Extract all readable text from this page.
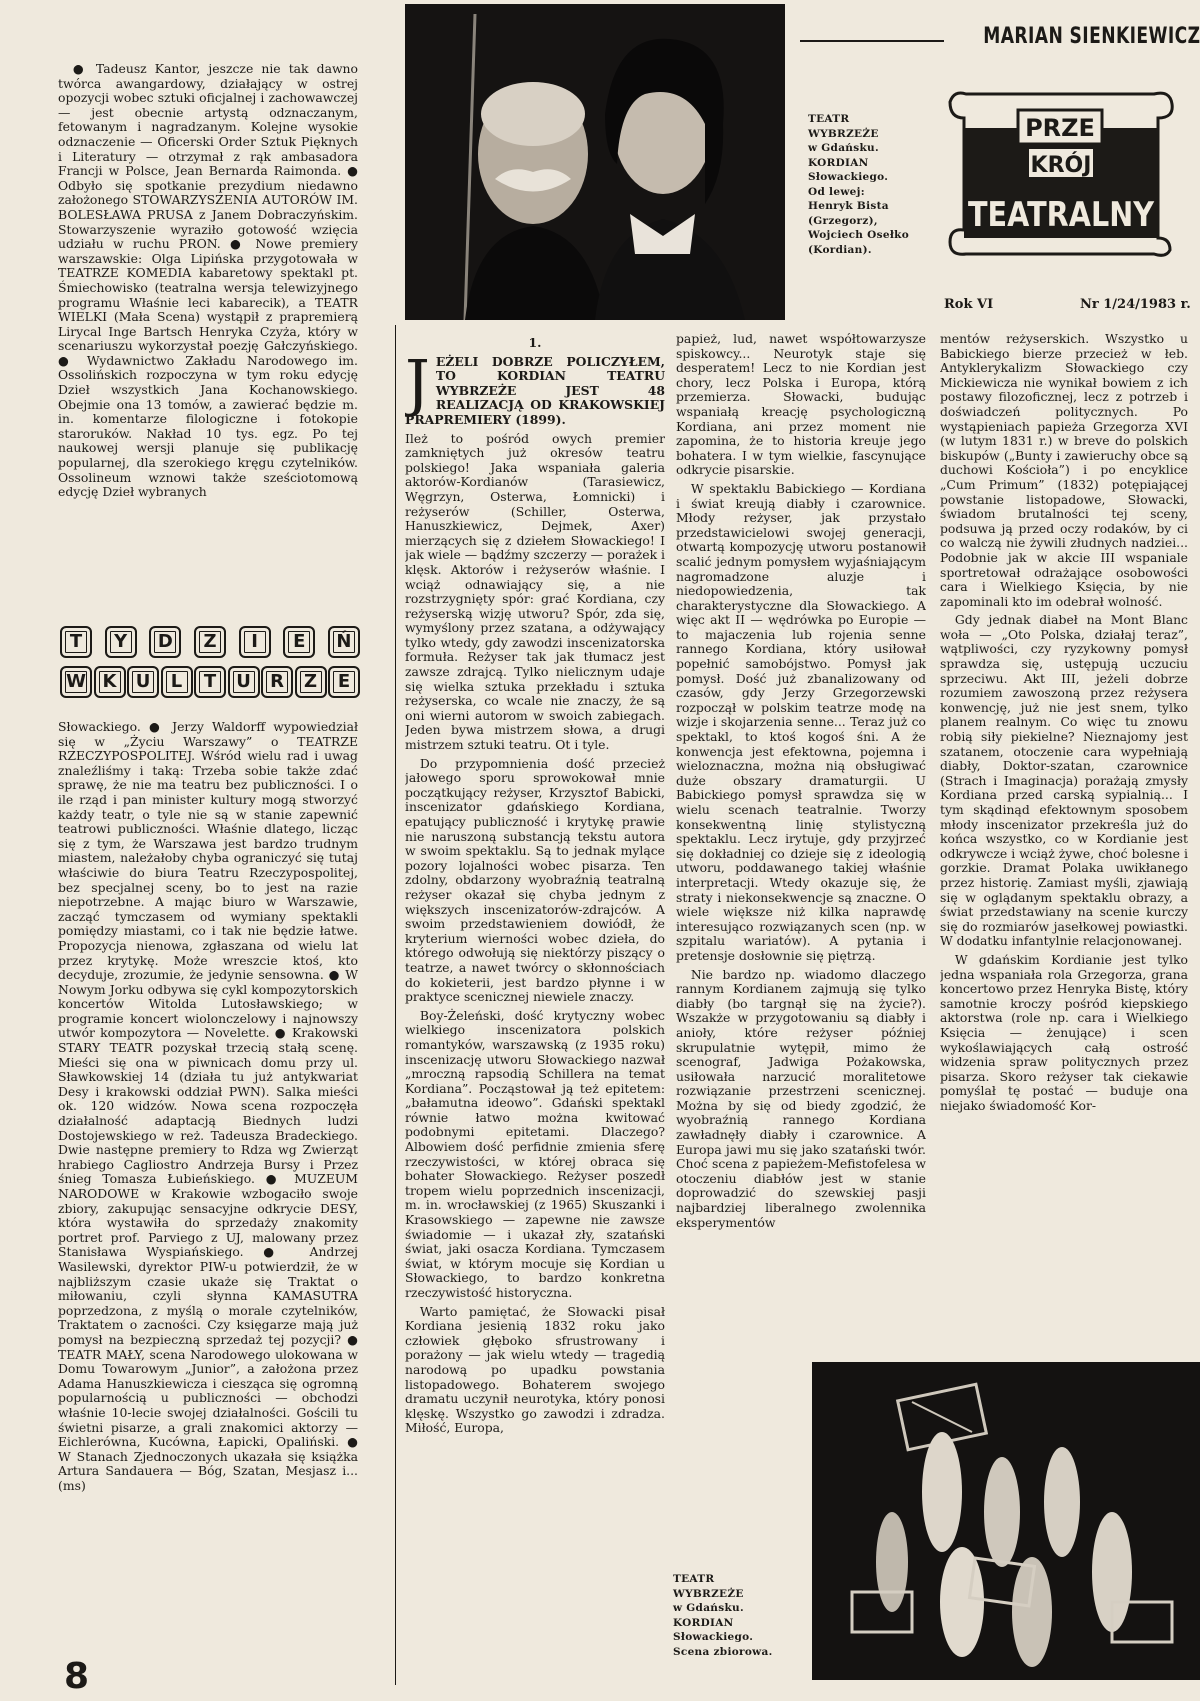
TEATR
WYBRZEŻE
w Gdańsku.
KORDIAN
Słowackiego.
Od lewej:
Henryk Bista
(Grzegorz),
Wojciech Osełko
(Kordian).
MARIAN SIENKIEWICZ
PRZE
KRÓJ
TEATRALNY
Rok VI	Nr 1/24/1983 r.

● Tadeusz Kantor, jeszcze nie tak dawno twórca awangardowy, działający w ostrej opozycji wobec sztuki oficjalnej i zachowawczej — jest obecnie artystą odznaczanym, fetowanym i nagradzanym. Kolejne wysokie odznaczenie — Oficerski Order Sztuk Pięknych i Literatury — otrzymał z rąk ambasadora Francji w Polsce, Jean Bernarda Raimonda. ● Odbyło się spotkanie prezydium niedawno założonego STOWARZYSZENIA AUTORÓW IM. BOLESŁAWA PRUSA z Janem Dobraczyńskim. Stowarzyszenie wyraziło gotowość wzięcia udziału w ruchu PRON. ● Nowe premiery warszawskie: Olga Lipińska przygotowała w TEATRZE KOMEDIA kabaretowy spektakl pt. Śmiechowisko (teatralna wersja telewizyjnego programu Właśnie leci kabarecik), a TEATR WIELKI (Mała Scena) wystąpił z prapremierą Lirycal Inge Bartsch Henryka Czyża, który w scenariuszu wykorzystał poezję Gałczyńskiego. ● Wydawnictwo Zakładu Narodowego im. Ossolińskich rozpoczyna w tym roku edycję Dzieł wszystkich Jana Kochanowskiego. Obejmie ona 13 tomów, a zawierać będzie m. in. komentarze filologiczne i fotokopie staroruków. Nakład 10 tys. egz. Po tej naukowej wersji planuje się publikację popularnej, dla szerokiego kręgu czytelników. Ossolineum wznowi także sześciotomową edycję Dzieł wybranych

T	Y	D	Z	I	E	Ń
W K	U	L	T	U	R	Z	E

Słowackiego. ● Jerzy Waldorff wypowiedział się w „Życiu Warszawy” o TEATRZE RZECZYPOSPOLITEJ. Wśród wielu rad i uwag znaleźliśmy i taką: Trzeba sobie także zdać sprawę, że nie ma teatru bez publiczności. I o ile rząd i pan minister kultury mogą stworzyć każdy teatr, o tyle nie są w stanie zapewnić teatrowi publiczności. Właśnie dlatego, licząc się z tym, że Warszawa jest bardzo trudnym miastem, należałoby chyba ograniczyć się tutaj właściwie do biura Teatru Rzeczypospolitej, bez specjalnej sceny, bo to jest na razie niepotrzebne. A mając biuro w Warszawie, zacząć tymczasem od wymiany spektakli pomiędzy miastami, co i tak nie będzie łatwe. Propozycja nienowa, zgłaszana od wielu lat przez krytykę. Może wreszcie ktoś, kto decyduje, zrozumie, że jedynie sensowna. ● W Nowym Jorku odbywa się cykl kompozytorskich koncertów Witolda Lutosławskiego; w programie koncert wiolonczelowy i najnowszy utwór kompozytora — Novelette. ● Krakowski STARY TEATR pozyskał trzecią stałą scenę. Mieści się ona w piwnicach domu przy ul. Sławkowskiej 14 (działa tu już antykwariat Desy i krakowski oddział PWN). Salka mieści ok. 120 widzów. Nowa scena rozpoczęła działalność adaptacją Biednych ludzi Dostojewskiego w reż. Tadeusza Bradeckiego. Dwie następne premiery to Rdza wg Zwierząt hrabiego Cagliostro Andrzeja Bursy i Przez śnieg Tomasza Łubieńskiego. ● MUZEUM NARODOWE w Krakowie wzbogaciło swoje zbiory, zakupując sensacyjne odkrycie DESY, która wystawiła do sprzedaży znakomity portret prof. Parviego z UJ, malowany przez Stanisława Wyspiańskiego. ● Andrzej Wasilewski, dyrektor PIW-u potwierdził, że w najbliższym czasie ukaże się Traktat o miłowaniu, czyli słynna KAMASUTRA poprzedzona, z myślą o morale czytelników, Traktatem o zacności. Czy księgarze mają już pomysł na bezpieczną sprzedaż tej pozycji? ● TEATR MAŁY, scena Narodowego ulokowana w Domu Towarowym „Junior”, a założona przez Adama Hanuszkiewicza i ciesząca się ogromną popularnością u publiczności — obchodzi właśnie 10-lecie swojej działalności. Gościli tu świetni pisarze, a grali znakomici aktorzy — Eichlerówna, Kucówna, Łapicki, Opaliński. ● W Stanach Zjednoczonych ukazała się książka Artura Sandauera — Bóg, Szatan, Mesjasz i... (ms)

1.

JEŻELI DOBRZE POLICZYŁEM, TO KORDIAN TEATRU WYBRZEŻE JEST 48 REALIZACJĄ OD KRAKOWSKIEJ PRAPREMIERY (1899).

Ileż to pośród owych premier zamkniętych już okresów teatru polskiego! Jaka wspaniała galeria aktorów-Kordianów (Tarasiewicz, Węgrzyn, Osterwa, Łomnicki) i reżyserów (Schiller, Osterwa, Hanuszkiewicz, Dejmek, Axer) mierzących się z dziełem Słowackiego! I jak wiele — bądźmy szczerzy — porażek i klęsk. Aktorów i reżyserów właśnie. I wciąż odnawiający się, a nie rozstrzygnięty spór: grać Kordiana, czy reżyserską wizję utworu? Spór, zda się, wymyślony przez szatana, a odżywający tylko wtedy, gdy zawodzi inscenizatorska formuła. Reżyser tak jak tłumacz jest zawsze zdrajcą. Tylko nielicznym udaje się wielka sztuka przekładu i sztuka reżyserska, co wcale nie znaczy, że są oni wierni autorom w swoich zabiegach. Jeden bywa mistrzem słowa, a drugi mistrzem sztuki teatru. Ot i tyle.

Do przypomnienia dość przecież jałowego sporu sprowokował mnie początkujący reżyser, Krzysztof Babicki, inscenizator gdańskiego Kordiana, epatujący publiczność i krytykę prawie nie naruszoną substancją tekstu autora w swoim spektaklu. Są to jednak mylące pozory lojalności wobec pisarza. Ten zdolny, obdarzony wyobraźnią teatralną reżyser okazał się chyba jednym z większych inscenizatorów-zdrajców. A swoim przedstawieniem dowiódł, że kryterium wierności wobec dzieła, do którego odwołują się niektórzy piszący o teatrze, a nawet twórcy o skłonnościach do kokieterii, jest bardzo płynne i w praktyce scenicznej niewiele znaczy.

Boy-Żeleński, dość krytyczny wobec wielkiego inscenizatora polskich romantyków, warszawską (z 1935 roku) inscenizację utworu Słowackiego nazwał „mroczną rapsodią Schillera na temat Kordiana”. Począstował ją też epitetem: „bałamutna ideowo”. Gdański spektakl równie łatwo można kwitować podobnymi epitetami. Dlaczego? Albowiem dość perfidnie zmienia sferę rzeczywistości, w której obraca się bohater Słowackiego. Reżyser poszedł tropem wielu poprzednich inscenizacji, m. in. wrocławskiej (z 1965) Skuszanki i Krasowskiego — zapewne nie zawsze świadomie — i ukazał zły, szatański świat, jaki osacza Kordiana. Tymczasem świat, w którym mocuje się Kordian u Słowackiego, to bardzo konkretna rzeczywistość historyczna.

Warto pamiętać, że Słowacki pisał Kordiana jesienią 1832 roku jako człowiek głęboko sfrustrowany i porażony — jak wielu wtedy — tragedią narodową po upadku powstania listopadowego. Bohaterem swojego dramatu uczynił neurotyka, który ponosi klęskę. Wszystko go zawodzi i zdradza. Miłość, Europa,

papież, lud, nawet współtowarzysze spiskowcy... Neurotyk staje się desperatem! Lecz to nie Kordian jest chory, lecz Polska i Europa, którą przemierza. Słowacki, budując wspaniałą kreację psychologiczną Kordiana, ani przez moment nie zapomina, że to historia kreuje jego bohatera. I w tym wielkie, fascynujące odkrycie pisarskie.

W spektaklu Babickiego — Kordiana i świat kreują diabły i czarownice. Młody reżyser, jak przystało przedstawicielowi swojej generacji, otwartą kompozycję utworu postanowił scalić jednym pomysłem wyjaśniającym nagromadzone aluzje i niedopowiedzenia, tak charakterystyczne dla Słowackiego. A więc akt II — wędrówka po Europie — to majaczenia lub rojenia senne rannego Kordiana, który usiłował popełnić samobójstwo. Pomysł jak pomysł. Dość już zbanalizowany od czasów, gdy Jerzy Grzegorzewski rozpoczął w polskim teatrze modę na wizje i skojarzenia senne... Teraz już co spektakl, to ktoś kogoś śni. A że konwencja jest efektowna, pojemna i wieloznaczna, można nią obsługiwać duże obszary dramaturgii. U Babickiego pomysł sprawdza się w wielu scenach teatralnie. Tworzy konsekwentną linię stylistyczną spektaklu. Lecz irytuje, gdy przyjrzeć się dokładniej co dzieje się z ideologią utworu, poddawanego takiej właśnie interpretacji. Wtedy okazuje się, że straty i niekonsekwencje są znaczne. O wiele większe niż kilka naprawdę interesująco rozwiązanych scen (np. w szpitalu wariatów). A pytania i pretensje dosłownie się piętrzą.

Nie bardzo np. wiadomo dlaczego rannym Kordianem zajmują się tylko diabły (bo targnął się na życie?). Wszakże w przygotowaniu są diabły i anioły, które reżyser później skrupulatnie wytępił, mimo że scenograf, Jadwiga Pożakowska, usiłowała narzucić moralitetowe rozwiązanie przestrzeni scenicznej. Można by się od biedy zgodzić, że wyobraźnią rannego Kordiana zawładnęły diabły i czarownice. A Europa jawi mu się jako szatański twór. Choć scena z papieżem-Mefistofelesa w otoczeniu diabłów jest w stanie doprowadzić do szewskiej pasji najbardziej liberalnego zwolennika eksperymentów

mentów reżyserskich. Wszystko u Babickiego bierze przecież w łeb. Antyklerykalizm Słowackiego czy Mickiewicza nie wynikał bowiem z ich postawy filozoficznej, lecz z potrzeb i doświadczeń politycznych. Po wystąpieniach papieża Grzegorza XVI (w lutym 1831 r.) w breve do polskich biskupów („Bunty i zawieruchy obce są duchowi Kościoła”) i po encyklice „Cum Primum” (1832) potępiającej powstanie listopadowe, Słowacki, świadom brutalności tej sceny, podsuwa ją przed oczy rodaków, by ci co walczą nie żywili złudnych nadziei... Podobnie jak w akcie III wspaniale sportretował odrażające osobowości cara i Wielkiego Księcia, by nie zapominali kto im odebrał wolność.

Gdy jednak diabeł na Mont Blanc woła — „Oto Polska, działaj teraz”, wątpliwości, czy ryzykowny pomysł sprawdza się, ustępują uczuciu sprzeciwu. Akt III, jeżeli dobrze rozumiem zawoszoną przez reżysera konwencję, już nie jest snem, tylko planem realnym. Co więc tu znowu robią siły piekielne? Nieznajomy jest szatanem, otoczenie cara wypełniają diabły, Doktor-szatan, czarownice (Strach i Imaginacja) porażają zmysły Kordiana przed carską sypialnią... I tym skądinąd efektownym sposobem młody inscenizator przekreśla już do końca wszystko, co w Kordianie jest odkrywcze i wciąż żywe, choć bolesne i gorzkie. Dramat Polaka uwikłanego przez historię. Zamiast myśli, zjawiają się w oglądanym spektaklu obrazy, a świat przedstawiany na scenie kurczy się do rozmiarów jasełkowej powiastki. W dodatku infantylnie relacjonowanej.

W gdańskim Kordianie jest tylko jedna wspaniała rola Grzegorza, grana koncertowo przez Henryka Bistę, który samotnie kroczy pośród kiepskiego aktorstwa (role np. cara i Wielkiego Księcia — żenujące) i scen wykoślawiających całą ostrość widzenia spraw politycznych przez pisarza. Skoro reżyser tak ciekawie pomyślał tę postać — buduje ona niejako świadomość Kor-

TEATR
WYBRZEŻE
w Gdańsku.
KORDIAN
Słowackiego.
Scena zbiorowa.
8
